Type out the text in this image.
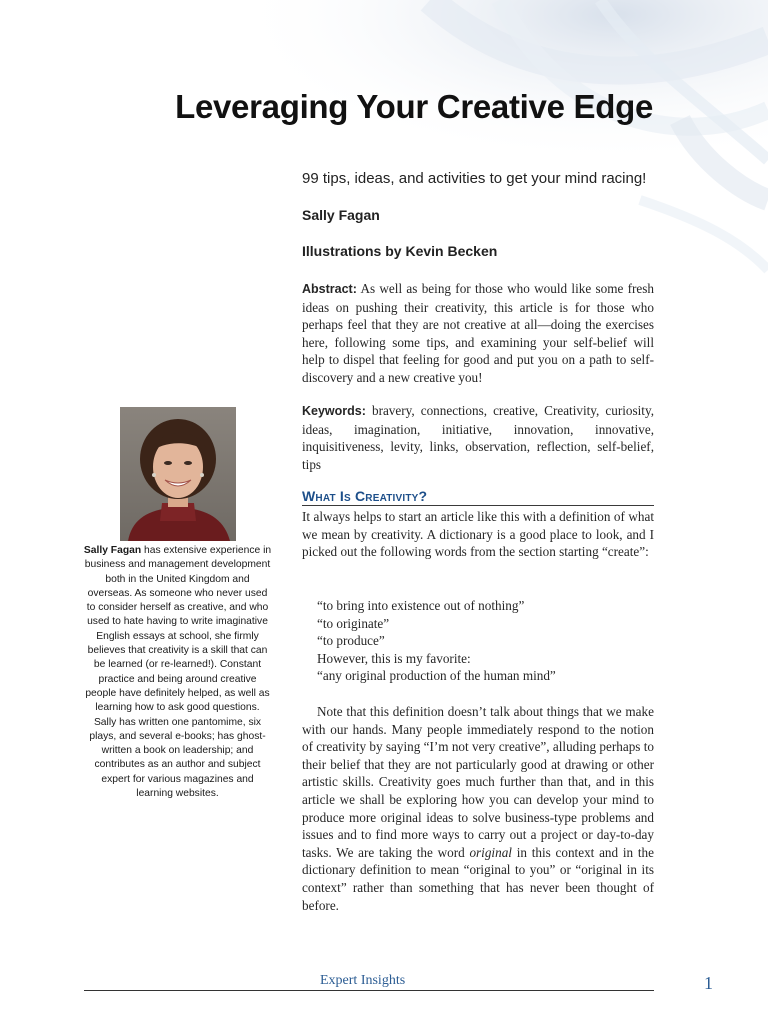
Leveraging Your Creative Edge
99 tips, ideas, and activities to get your mind racing!
Sally Fagan
Illustrations by Kevin Becken

Abstract: As well as being for those who would like some fresh ideas on pushing their creativity, this article is for those who perhaps feel that they are not creative at all—doing the exercises here, following some tips, and examining your self-belief will help to dispel that feeling for good and put you on a path to self-discovery and a new creative you!

Keywords: bravery, connections, creative, Creativity, curiosity, ideas, imagination, initiative, innovation, innovative, inquisitiveness, levity, links, observation, reflection, self-belief, tips

What Is Creativity?

It always helps to start an article like this with a definition of what we mean by creativity. A dictionary is a good place to look, and I picked out the following words from the section starting “create”:

“to bring into existence out of nothing”
“to originate”
“to produce”
However, this is my favorite:
“any original production of the human mind”

Note that this definition doesn’t talk about things that we make with our hands. Many people immediately respond to the notion of creativity by saying “I’m not very creative”, alluding perhaps to their belief that they are not particularly good at drawing or other artistic skills. Creativity goes much further than that, and in this article we shall be exploring how you can develop your mind to produce more original ideas to solve business-type problems and issues and to find more ways to carry out a project or day-to-day tasks. We are taking the word original in this context and in the dictionary definition to mean “original to you” or “original in its context” rather than something that has never been thought of before.

Sally Fagan has extensive experience in business and management development both in the United Kingdom and overseas. As someone who never used to consider herself as creative, and who used to hate having to write imaginative English essays at school, she firmly believes that creativity is a skill that can be learned (or re-learned!). Constant practice and being around creative people have definitely helped, as well as learning how to ask good questions. Sally has written one pantomime, six plays, and several e-books; has ghost-written a book on leadership; and contributes as an author and subject expert for various magazines and learning websites.

Expert Insights	1
